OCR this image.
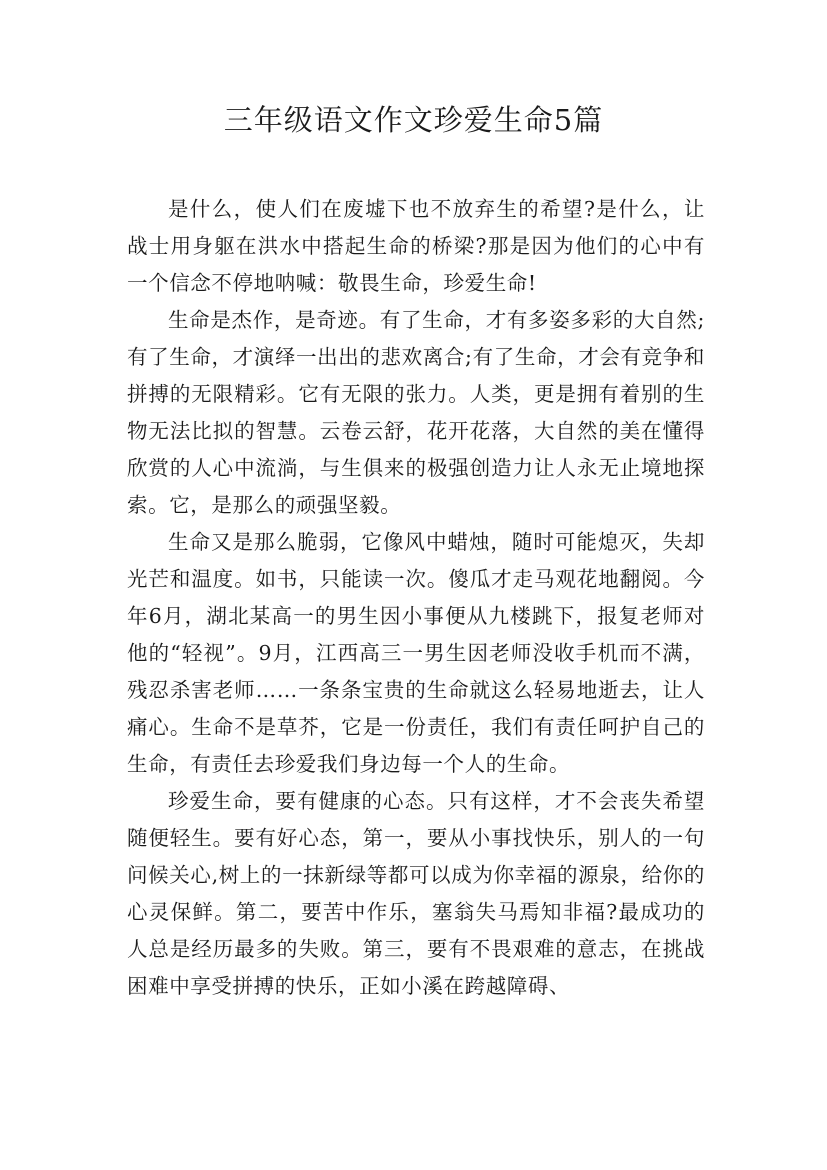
三年级语文作文珍爱生命5篇

是什么，使人们在废墟下也不放弃生的希望?是什么，让战士用身躯在洪水中搭起生命的桥梁?那是因为他们的心中有一个信念不停地呐喊：敬畏生命，珍爱生命!

生命是杰作，是奇迹。有了生命，才有多姿多彩的大自然;有了生命，才演绎一出出的悲欢离合;有了生命，才会有竞争和拼搏的无限精彩。它有无限的张力。人类，更是拥有着别的生物无法比拟的智慧。云卷云舒，花开花落，大自然的美在懂得欣赏的人心中流淌，与生俱来的极强创造力让人永无止境地探索。它，是那么的顽强坚毅。

生命又是那么脆弱，它像风中蜡烛，随时可能熄灭，失却光芒和温度。如书，只能读一次。傻瓜才走马观花地翻阅。今年6月，湖北某高一的男生因小事便从九楼跳下，报复老师对他的“轻视”。9月，江西高三一男生因老师没收手机而不满，残忍杀害老师……一条条宝贵的生命就这么轻易地逝去，让人痛心。生命不是草芥，它是一份责任，我们有责任呵护自己的生命，有责任去珍爱我们身边每一个人的生命。

珍爱生命，要有健康的心态。只有这样，才不会丧失希望随便轻生。要有好心态，第一，要从小事找快乐，别人的一句问候关心,树上的一抹新绿等都可以成为你幸福的源泉，给你的心灵保鲜。第二，要苦中作乐，塞翁失马焉知非福?最成功的人总是经历最多的失败。第三，要有不畏艰难的意志，在挑战困难中享受拼搏的快乐，正如小溪在跨越障碍、
